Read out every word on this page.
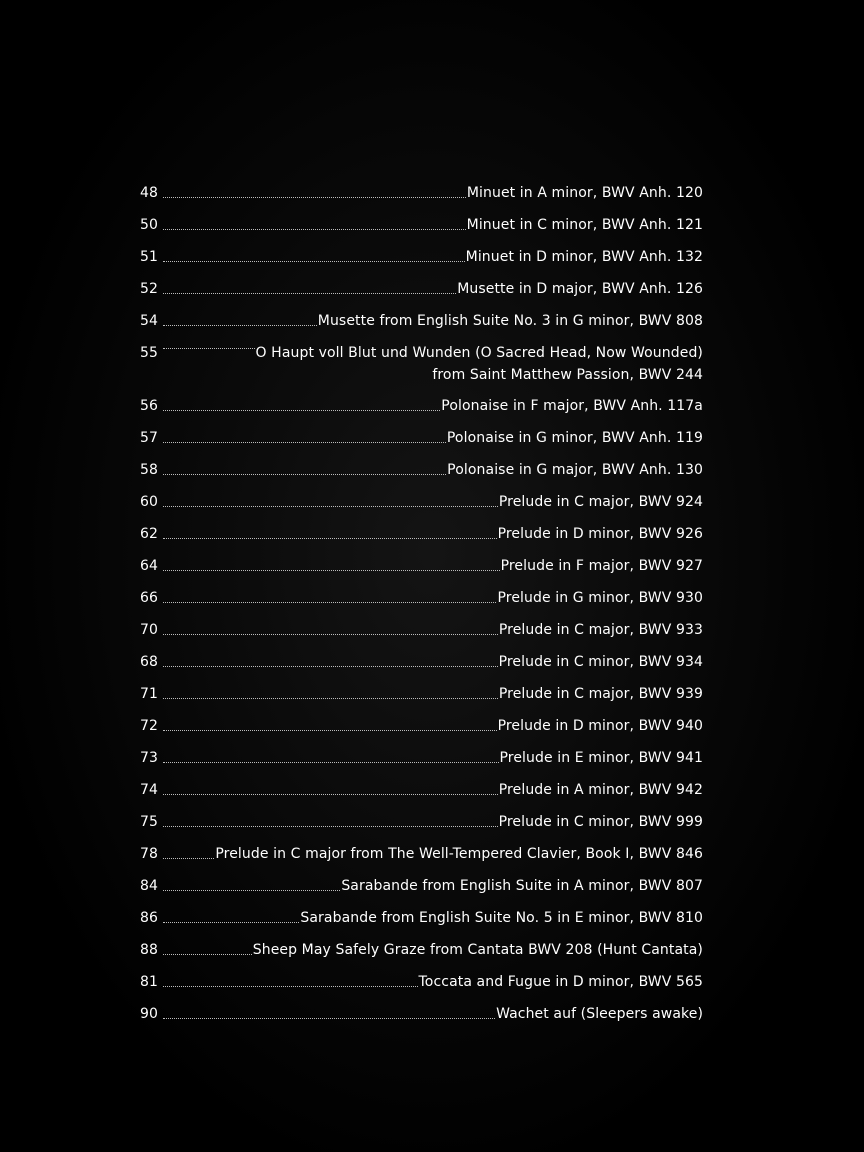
48	Minuet in A minor, BWV Anh. 120
50	Minuet in C minor, BWV Anh. 121
51	Minuet in D minor, BWV Anh. 132
52	Musette in D major, BWV Anh. 126
54	Musette from English Suite No. 3 in G minor, BWV 808
55	O Haupt voll Blut und Wunden (O Sacred Head, Now Wounded)
from Saint Matthew Passion, BWV 244
56	Polonaise in F major, BWV Anh. 117a
57	Polonaise in G minor, BWV Anh. 119
58	Polonaise in G major, BWV Anh. 130
60	Prelude in C major, BWV 924
62	Prelude in D minor, BWV 926
64	Prelude in F major, BWV 927
66	Prelude in G minor, BWV 930
70	Prelude in C major, BWV 933
68	Prelude in C minor, BWV 934
71	Prelude in C major, BWV 939
72	Prelude in D minor, BWV 940
73	Prelude in E minor, BWV 941
74	Prelude in A minor, BWV 942
75	Prelude in C minor, BWV 999
78	Prelude in C major from The Well-Tempered Clavier, Book I, BWV 846
84	Sarabande from English Suite in A minor, BWV 807
86	Sarabande from English Suite No. 5 in E minor, BWV 810
88	Sheep May Safely Graze from Cantata BWV 208 (Hunt Cantata)
81	Toccata and Fugue in D minor, BWV 565
90	Wachet auf (Sleepers awake)
